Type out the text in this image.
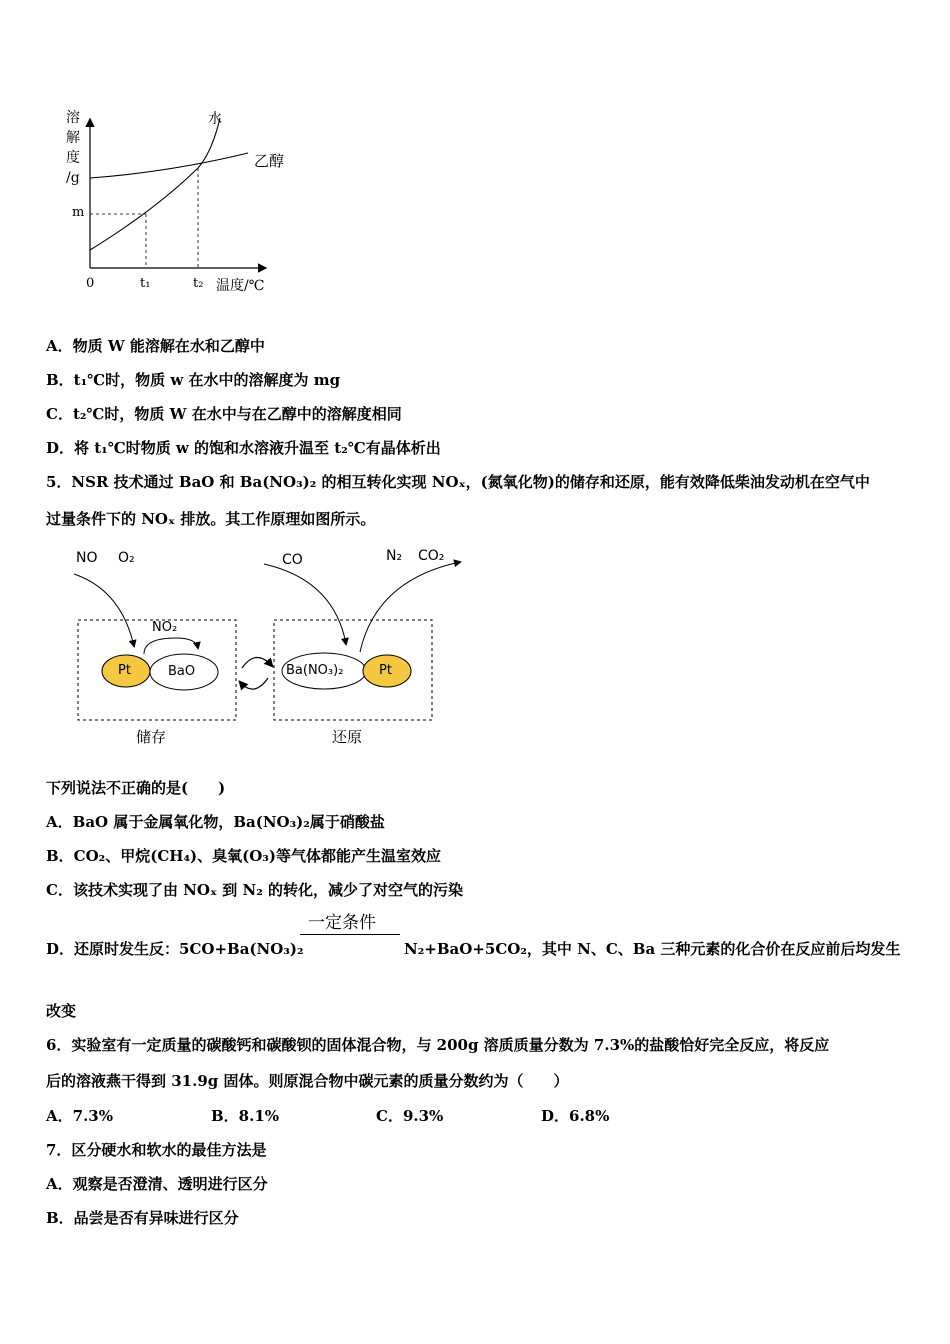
溶
解
度
/g
m
0	t₁	t₂ 温度/℃
水
乙醇
A．物质 W 能溶解在水和乙醇中
B．t₁℃时，物质 w 在水中的溶解度为 mg
C．t₂℃时，物质 W 在水中与在乙醇中的溶解度相同
D．将 t₁℃时物质 w 的饱和水溶液升温至 t₂℃有晶体析出
5．NSR 技术通过 BaO 和 Ba(NO₃)₂ 的相互转化实现 NOₓ，(氮氧化物)的储存和还原，能有效降低柴油发动机在空气中
过量条件下的 NOₓ 排放。其工作原理如图所示。
NO O₂
NO₂
Pt	BaO
储存
CO	N₂ CO₂
Ba(NO₃)₂	Pt
还原
下列说法不正确的是(　　)
A．BaO 属于金属氧化物，Ba(NO₃)₂属于硝酸盐
B．CO₂、甲烷(CH₄)、臭氧(O₃)等气体都能产生温室效应
C．该技术实现了由 NOₓ 到 N₂ 的转化，减少了对空气的污染
一定条件
D．还原时发生反：5CO+Ba(NO₃)₂	N₂+BaO+5CO₂，其中 N、C、Ba 三种元素的化合价在反应前后均发生
改变
6．实验室有一定质量的碳酸钙和碳酸钡的固体混合物，与 200g 溶质质量分数为 7.3%的盐酸恰好完全反应，将反应
后的溶液燕干得到 31.9g 固体。则原混合物中碳元素的质量分数约为（　　）
A．7.3%	B．8.1%	C．9.3%	D．6.8%
7．区分硬水和软水的最佳方法是
A．观察是否澄清、透明进行区分
B．品尝是否有异味进行区分
